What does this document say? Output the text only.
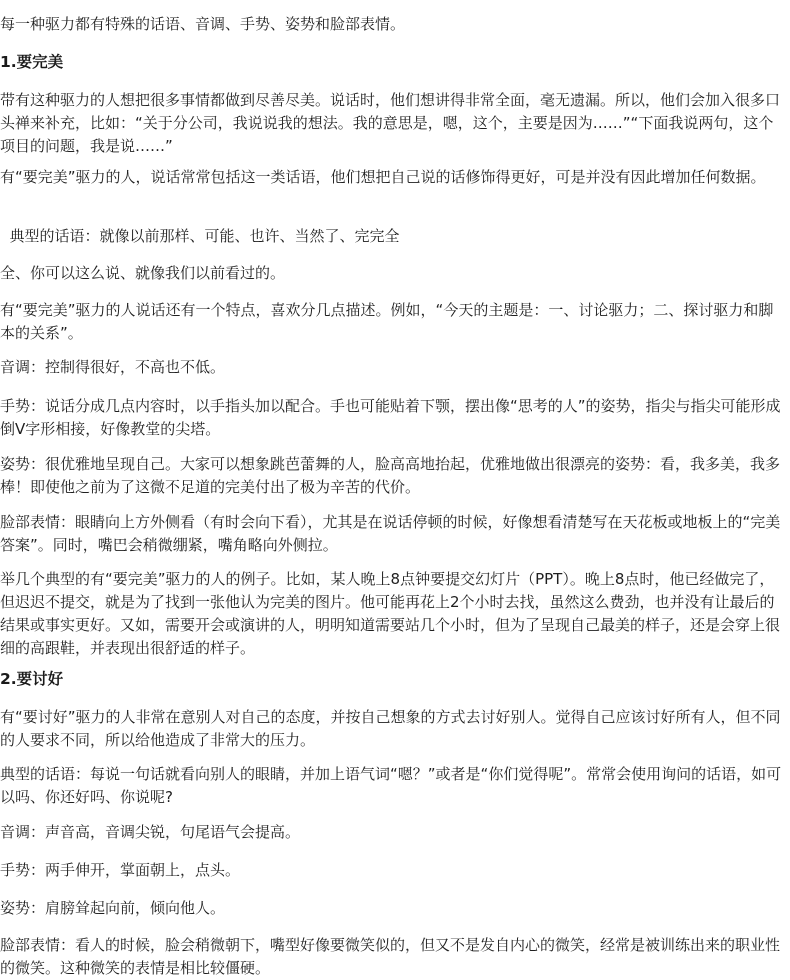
每一种驱力都有特殊的话语、音调、手势、姿势和脸部表情。

1.要完美

带有这种驱力的人想把很多事情都做到尽善尽美。说话时，他们想讲得非常全面，毫无遗漏。所以，他们会加入很多口头禅来补充，比如：“关于分公司，我说说我的想法。我的意思是，嗯，这个，主要是因为……”“下面我说两句，这个项目的问题，我是说……”

有“要完美”驱力的人，说话常常包括这一类话语，他们想把自己说的话修饰得更好，可是并没有因此增加任何数据。

典型的话语：就像以前那样、可能、也许、当然了、完完全

全、你可以这么说、就像我们以前看过的。

有“要完美”驱力的人说话还有一个特点，喜欢分几点描述。例如，“今天的主题是：一、讨论驱力；二、探讨驱力和脚本的关系”。

音调：控制得很好，不高也不低。

手势：说话分成几点内容时，以手指头加以配合。手也可能贴着下颚，摆出像“思考的人”的姿势，指尖与指尖可能形成倒V字形相接，好像教堂的尖塔。

姿势：很优雅地呈现自己。大家可以想象跳芭蕾舞的人，脸高高地抬起，优雅地做出很漂亮的姿势：看，我多美，我多棒！即使他之前为了这微不足道的完美付出了极为辛苦的代价。

脸部表情：眼睛向上方外侧看（有时会向下看），尤其是在说话停顿的时候，好像想看清楚写在天花板或地板上的“完美答案”。同时，嘴巴会稍微绷紧，嘴角略向外侧拉。

举几个典型的有“要完美”驱力的人的例子。比如，某人晚上8点钟要提交幻灯片（PPT）。晚上8点时，他已经做完了，但迟迟不提交，就是为了找到一张他认为完美的图片。他可能再花上2个小时去找，虽然这么费劲，也并没有让最后的结果或事实更好。又如，需要开会或演讲的人，明明知道需要站几个小时，但为了呈现自己最美的样子，还是会穿上很细的高跟鞋，并表现出很舒适的样子。

2.要讨好

有“要讨好”驱力的人非常在意别人对自己的态度，并按自己想象的方式去讨好别人。觉得自己应该讨好所有人，但不同的人要求不同，所以给他造成了非常大的压力。

典型的话语：每说一句话就看向别人的眼睛，并加上语气词“嗯？”或者是“你们觉得呢”。常常会使用询问的话语，如可以吗、你还好吗、你说呢?

音调：声音高，音调尖锐，句尾语气会提高。

手势：两手伸开，掌面朝上，点头。

姿势：肩膀耸起向前，倾向他人。

脸部表情：看人的时候，脸会稍微朝下，嘴型好像要微笑似的，但又不是发自内心的微笑，经常是被训练出来的职业性的微笑。这种微笑的表情是相比较僵硬。
